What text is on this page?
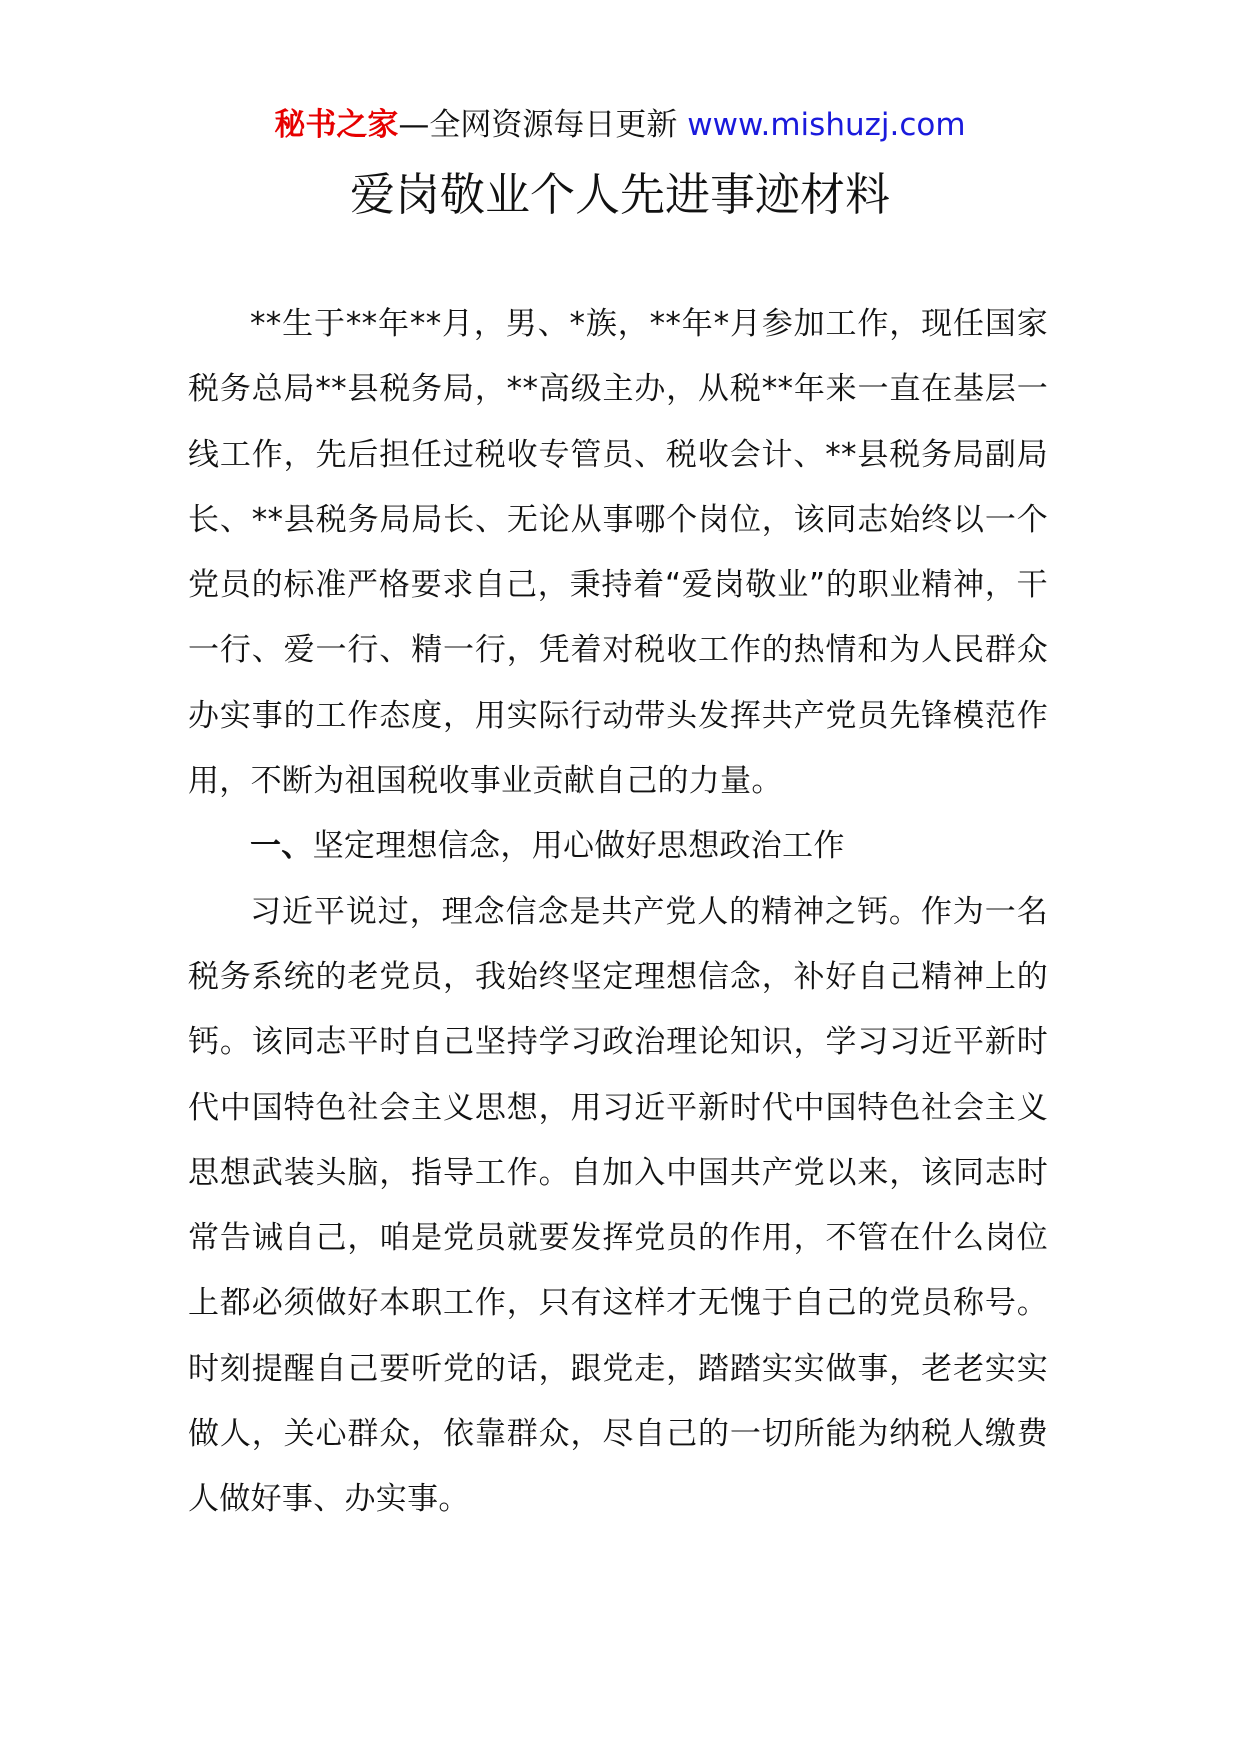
秘书之家—全网资源每日更新 www.mishuzj.com
爱岗敬业个人先进事迹材料

**生于**年**月，男、*族，**年*月参加工作，现任国家税务总局**县税务局，**高级主办，从税**年来一直在基层一线工作，先后担任过税收专管员、税收会计、**县税务局副局长、**县税务局局长、无论从事哪个岗位，该同志始终以一个党员的标准严格要求自己，秉持着“爱岗敬业”的职业精神，干一行、爱一行、精一行，凭着对税收工作的热情和为人民群众办实事的工作态度，用实际行动带头发挥共产党员先锋模范作用，不断为祖国税收事业贡献自己的力量。

一、坚定理想信念，用心做好思想政治工作

习近平说过，理念信念是共产党人的精神之钙。作为一名税务系统的老党员，我始终坚定理想信念，补好自己精神上的钙。该同志平时自己坚持学习政治理论知识，学习习近平新时代中国特色社会主义思想，用习近平新时代中国特色社会主义思想武装头脑，指导工作。自加入中国共产党以来，该同志时常告诫自己，咱是党员就要发挥党员的作用，不管在什么岗位上都必须做好本职工作，只有这样才无愧于自己的党员称号。时刻提醒自己要听党的话，跟党走，踏踏实实做事，老老实实做人，关心群众，依靠群众，尽自己的一切所能为纳税人缴费人做好事、办实事。
